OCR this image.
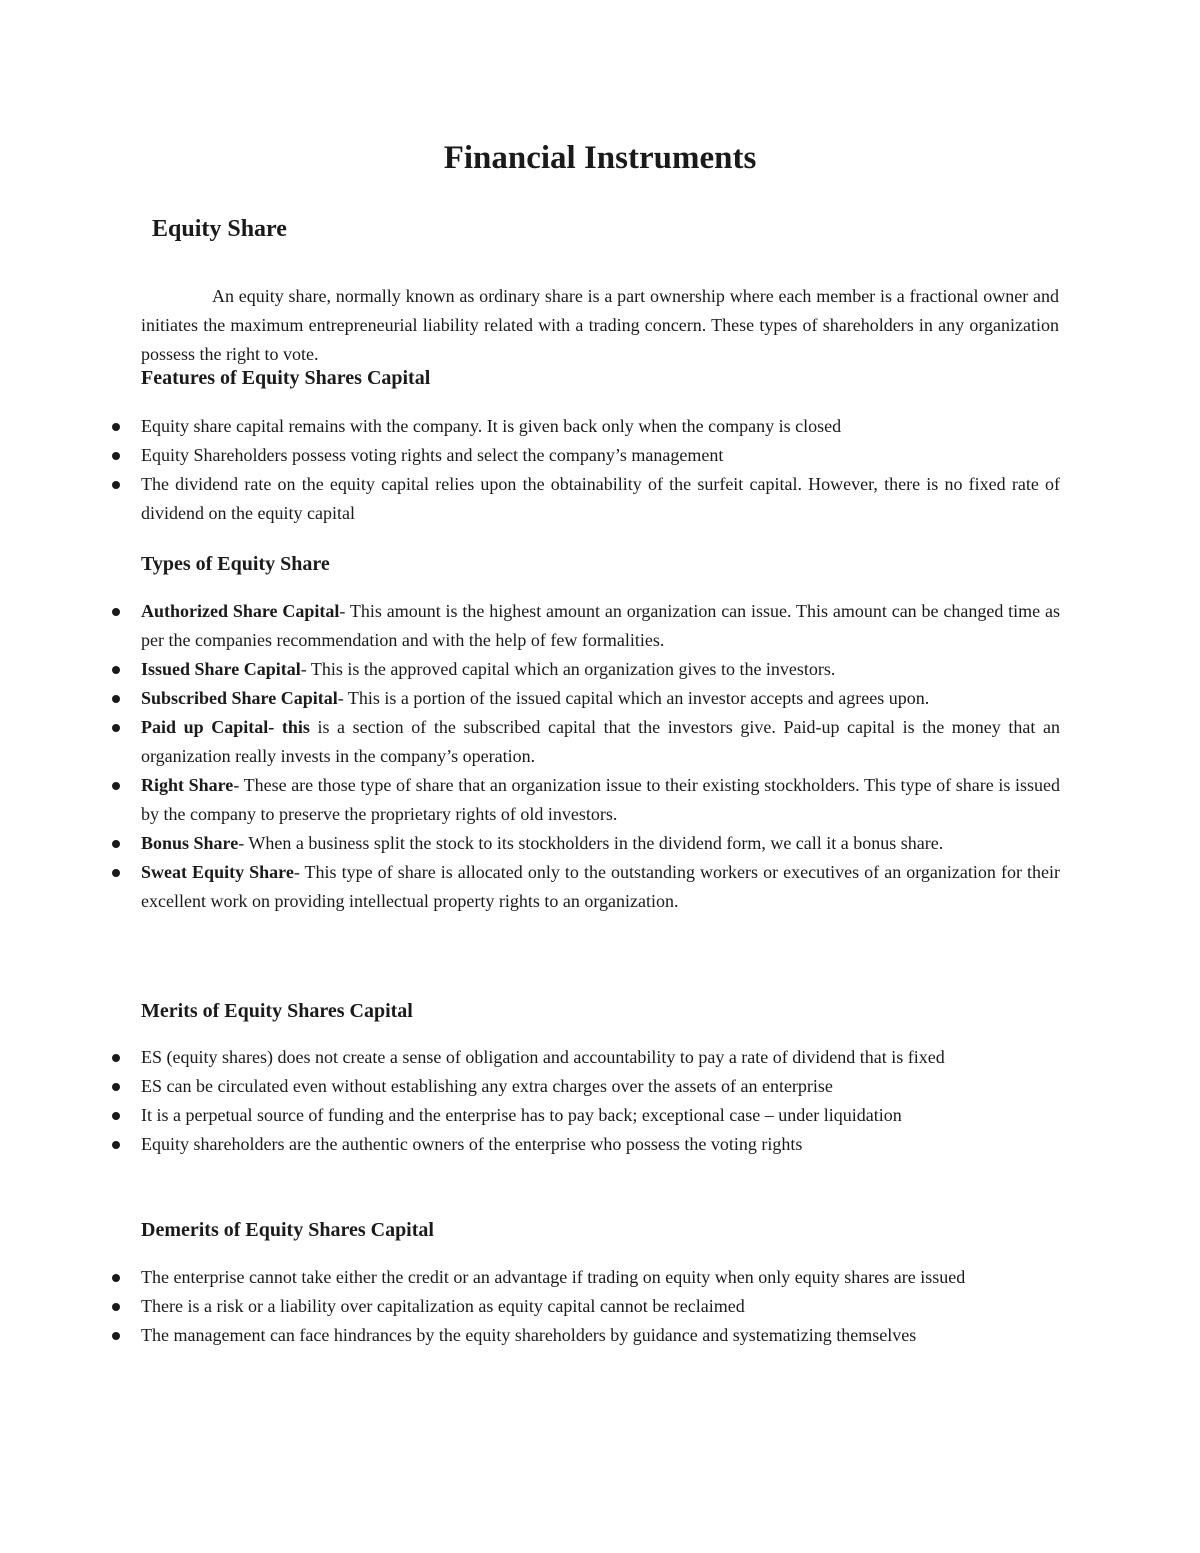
Financial Instruments
Equity Share

An equity share, normally known as ordinary share is a part ownership where each member is a fractional owner and initiates the maximum entrepreneurial liability related with a trading concern. These types of shareholders in any organization possess the right to vote.

Features of Equity Shares Capital
Equity share capital remains with the company. It is given back only when the company is closed
Equity Shareholders possess voting rights and select the company’s management
The dividend rate on the equity capital relies upon the obtainability of the surfeit capital. However, there is no fixed rate of dividend on the equity capital
Types of Equity Share
Authorized Share Capital- This amount is the highest amount an organization can issue. This amount can be changed time as per the companies recommendation and with the help of few formalities.
Issued Share Capital- This is the approved capital which an organization gives to the investors.
Subscribed Share Capital- This is a portion of the issued capital which an investor accepts and agrees upon.
Paid up Capital- this is a section of the subscribed capital that the investors give. Paid-up capital is the money that an organization really invests in the company’s operation.
Right Share- These are those type of share that an organization issue to their existing stockholders. This type of share is issued by the company to preserve the proprietary rights of old investors.
Bonus Share- When a business split the stock to its stockholders in the dividend form, we call it a bonus share.
Sweat Equity Share- This type of share is allocated only to the outstanding workers or executives of an organization for their excellent work on providing intellectual property rights to an organization.
Merits of Equity Shares Capital
ES (equity shares) does not create a sense of obligation and accountability to pay a rate of dividend that is fixed
ES can be circulated even without establishing any extra charges over the assets of an enterprise
It is a perpetual source of funding and the enterprise has to pay back; exceptional case – under liquidation
Equity shareholders are the authentic owners of the enterprise who possess the voting rights
Demerits of Equity Shares Capital
The enterprise cannot take either the credit or an advantage if trading on equity when only equity shares are issued
There is a risk or a liability over capitalization as equity capital cannot be reclaimed
The management can face hindrances by the equity shareholders by guidance and systematizing themselves
